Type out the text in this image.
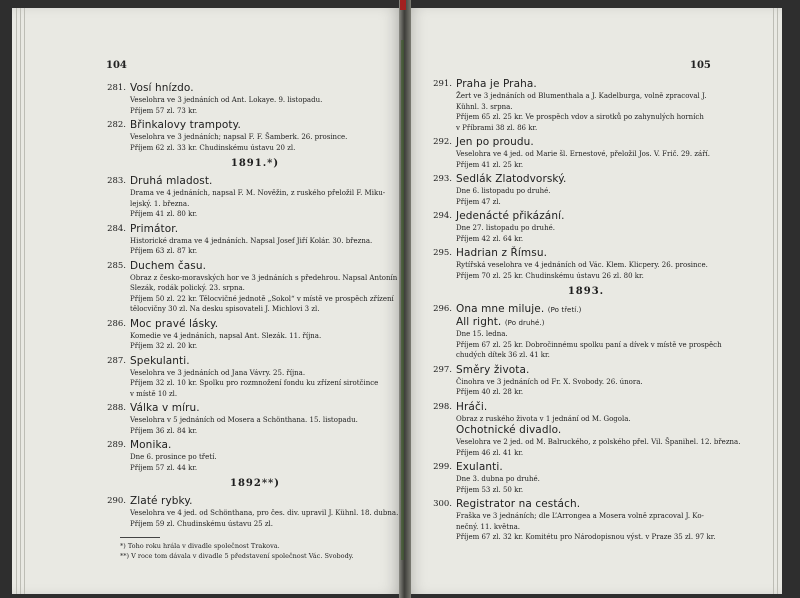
104
281. Vosí hnízdo.
Veselohra ve 3 jednáních od Ant. Lokaye. 9. listopadu.
Příjem 57 zl. 73 kr.
282. Břinkalovy trampoty.
Veselohra ve 3 jednáních; napsal F. F. Šamberk. 26. prosince.
Příjem 62 zl. 33 kr. Chudinskému ústavu 20 zl.
1891.*)
283. Druhá mladost.
Drama ve 4 jednáních, napsal F. M. Nověžin, z ruského přeložil F. Miku-
lejský. 1. března.
Příjem 41 zl. 80 kr.
284. Primátor.
Historické drama ve 4 jednáních. Napsal Josef Jiří Kolár. 30. března.
Příjem 63 zl. 87 kr.
285. Duchem času.
Obraz z česko-moravských hor ve 3 jednáních s předehrou. Napsal Antonín
Slezák, rodák polický. 23. srpna.
Příjem 50 zl. 22 kr. Tělocvičné jednotě „Sokol“ v místě ve prospěch zřízení
tělocvičny 30 zl. Na desku spisovateli J. Michlovi 3 zl.
286. Moc pravé lásky.
Komedie ve 4 jednáních, napsal Ant. Slezák. 11. října.
Příjem 32 zl. 20 kr.
287. Spekulanti.
Veselohra ve 3 jednáních od Jana Vávry. 25. října.
Příjem 32 zl. 10 kr. Spolku pro rozmnožení fondu ku zřízení sirotčince
v místě 10 zl.
288. Válka v míru.
Veselohra v 5 jednáních od Mosera a Schönthana. 15. listopadu.
Příjem 36 zl. 84 kr.
289. Monika.
Dne 6. prosince po třetí.
Příjem 57 zl. 44 kr.
1892**)
290. Zlaté rybky.
Veselohra ve 4 jed. od Schönthana, pro čes. div. upravil J. Kühnl. 18. dubna.
Příjem 59 zl. Chudinskému ústavu 25 zl.
*) Toho roku hrála v divadle společnost Trakova.
**) V roce tom dávala v divadle 5 představení společnost Vác. Svobody.
105
291. Praha je Praha.
Žert ve 3 jednáních od Blumenthala a J. Kadelburga, volně zpracoval J.
Kühnl. 3. srpna.
Příjem 65 zl. 25 kr. Ve prospěch vdov a sirotků po zahynulých horních
v Příbrami 38 zl. 86 kr.
292. Jen po proudu.
Veselohra ve 4 jed. od Marie šl. Ernestové, přeložil Jos. V. Frič. 29. září.
Příjem 41 zl. 25 kr.
293. Sedlák Zlatodvorský.
Dne 6. listopadu po druhé.
Příjem 47 zl.
294. Jedenácté přikázání.
Dne 27. listopadu po druhé.
Příjem 42 zl. 64 kr.
295. Hadrian z Římsu.
Rytířská veselohra ve 4 jednáních od Vác. Klem. Klicpery. 26. prosince.
Příjem 70 zl. 25 kr. Chudinskému ústavu 26 zl. 80 kr.
1893.
296. Ona mne miluje. (Po třetí.)
All right. (Po druhé.)
Dne 15. ledna.
Příjem 67 zl. 25 kr. Dobročinnému spolku paní a dívek v místě ve prospěch
chudých dítek 36 zl. 41 kr.
297. Směry života.
Činohra ve 3 jednáních od Fr. X. Svobody. 26. února.
Příjem 40 zl. 28 kr.
298. Hráči.
Obraz z ruského života v 1 jednání od M. Gogola.
Ochotnické divadlo.
Veselohra ve 2 jed. od M. Balruckého, z polského přel. Vil. Španihel. 12. března.
Příjem 46 zl. 41 kr.
299. Exulanti.
Dne 3. dubna po druhé.
Příjem 53 zl. 50 kr.
300. Registrator na cestách.
Fraška ve 3 jednáních; dle L’Arrongea a Mosera volně zpracoval J. Ko-
nečný. 11. května.
Příjem 67 zl. 32 kr. Komitétu pro Národopisnou výst. v Praze 35 zl. 97 kr.
